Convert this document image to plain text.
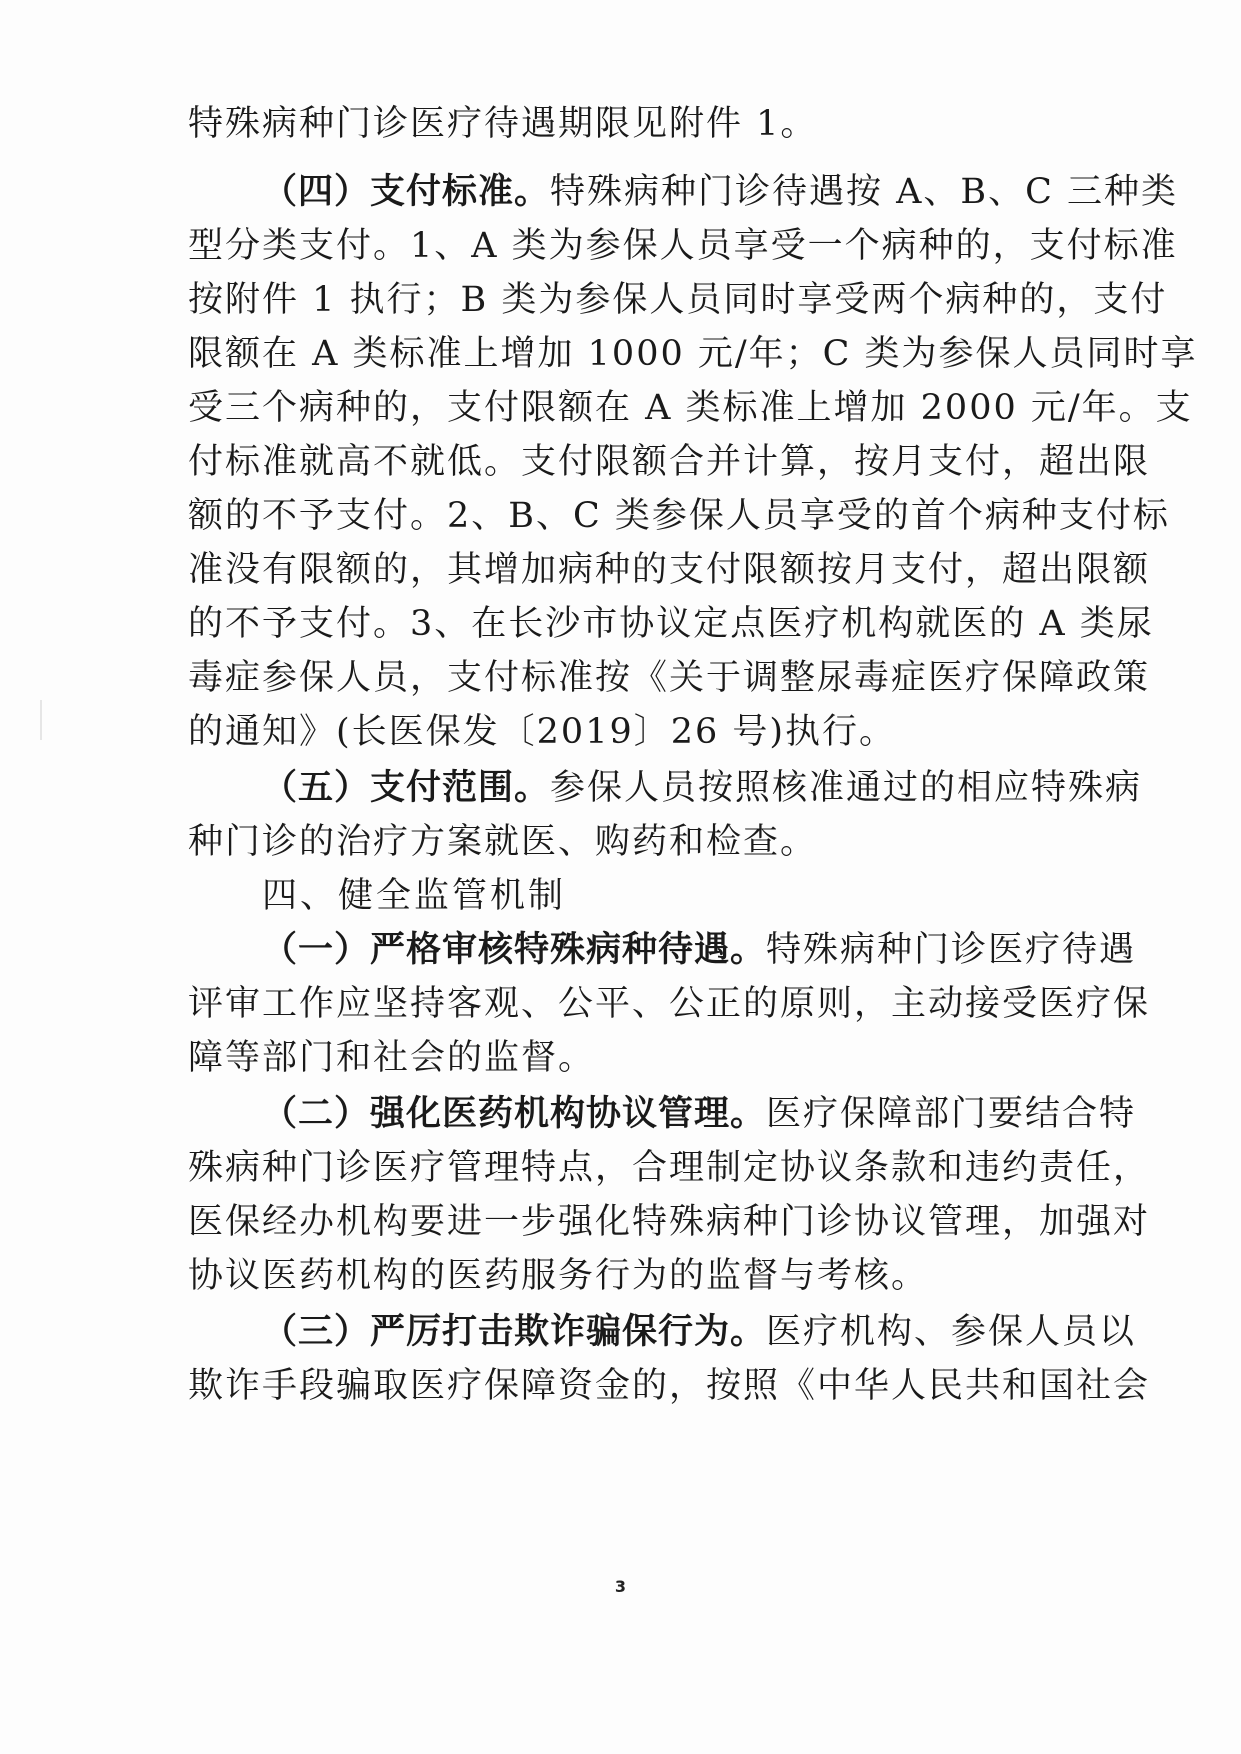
特殊病种门诊医疗待遇期限见附件 1。
（四）支付标准。特殊病种门诊待遇按 A、B、C 三种类
型分类支付。1、A 类为参保人员享受一个病种的，支付标准
按附件 1 执行；B 类为参保人员同时享受两个病种的，支付
限额在 A 类标准上增加 1000 元/年；C 类为参保人员同时享
受三个病种的，支付限额在 A 类标准上增加 2000 元/年。支
付标准就高不就低。支付限额合并计算，按月支付，超出限
额的不予支付。2、B、C 类参保人员享受的首个病种支付标
准没有限额的，其增加病种的支付限额按月支付，超出限额
的不予支付。3、在长沙市协议定点医疗机构就医的 A 类尿
毒症参保人员，支付标准按《关于调整尿毒症医疗保障政策
的通知》(长医保发〔2019〕26 号)执行。
（五）支付范围。参保人员按照核准通过的相应特殊病
种门诊的治疗方案就医、购药和检查。
四、健全监管机制
（一）严格审核特殊病种待遇。特殊病种门诊医疗待遇
评审工作应坚持客观、公平、公正的原则，主动接受医疗保
障等部门和社会的监督。
（二）强化医药机构协议管理。医疗保障部门要结合特
殊病种门诊医疗管理特点，合理制定协议条款和违约责任，
医保经办机构要进一步强化特殊病种门诊协议管理，加强对
协议医药机构的医药服务行为的监督与考核。
（三）严厉打击欺诈骗保行为。医疗机构、参保人员以
欺诈手段骗取医疗保障资金的，按照《中华人民共和国社会
3
